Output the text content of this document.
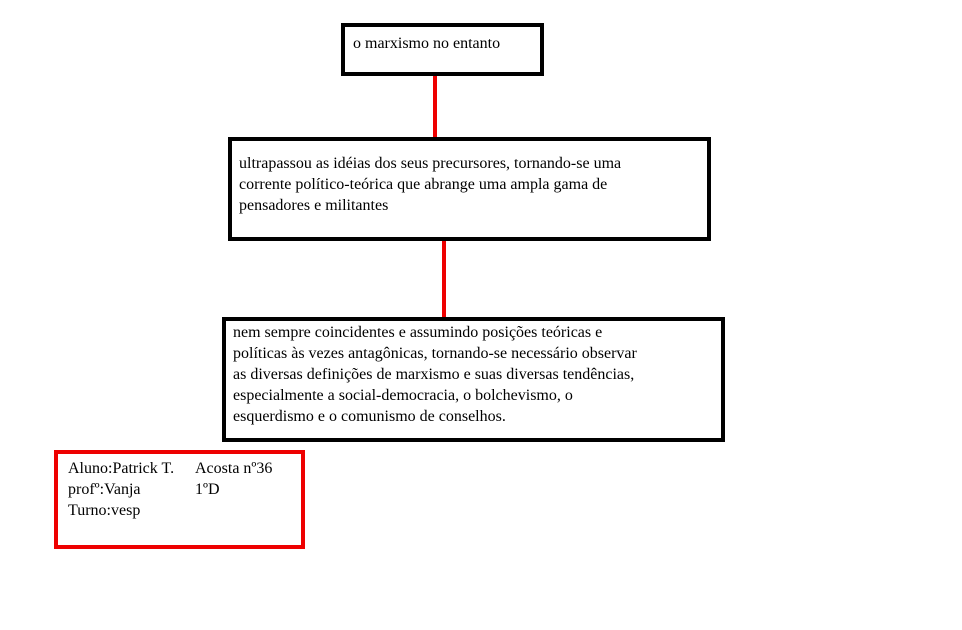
o marxismo no entanto
ultrapassou as idéias dos seus precursores, tornando-se uma
corrente político-teórica que abrange uma ampla gama de
pensadores e militantes
nem sempre coincidentes e assumindo posições teóricas e
políticas às vezes antagônicas, tornando-se necessário observar
as diversas definições de marxismo e suas diversas tendências,
especialmente a social-democracia, o bolchevismo, o
esquerdismo e o comunismo de conselhos.
Aluno:Patrick T. Acosta nº36
profº:Vanja	1ºD
Turno:vesp
